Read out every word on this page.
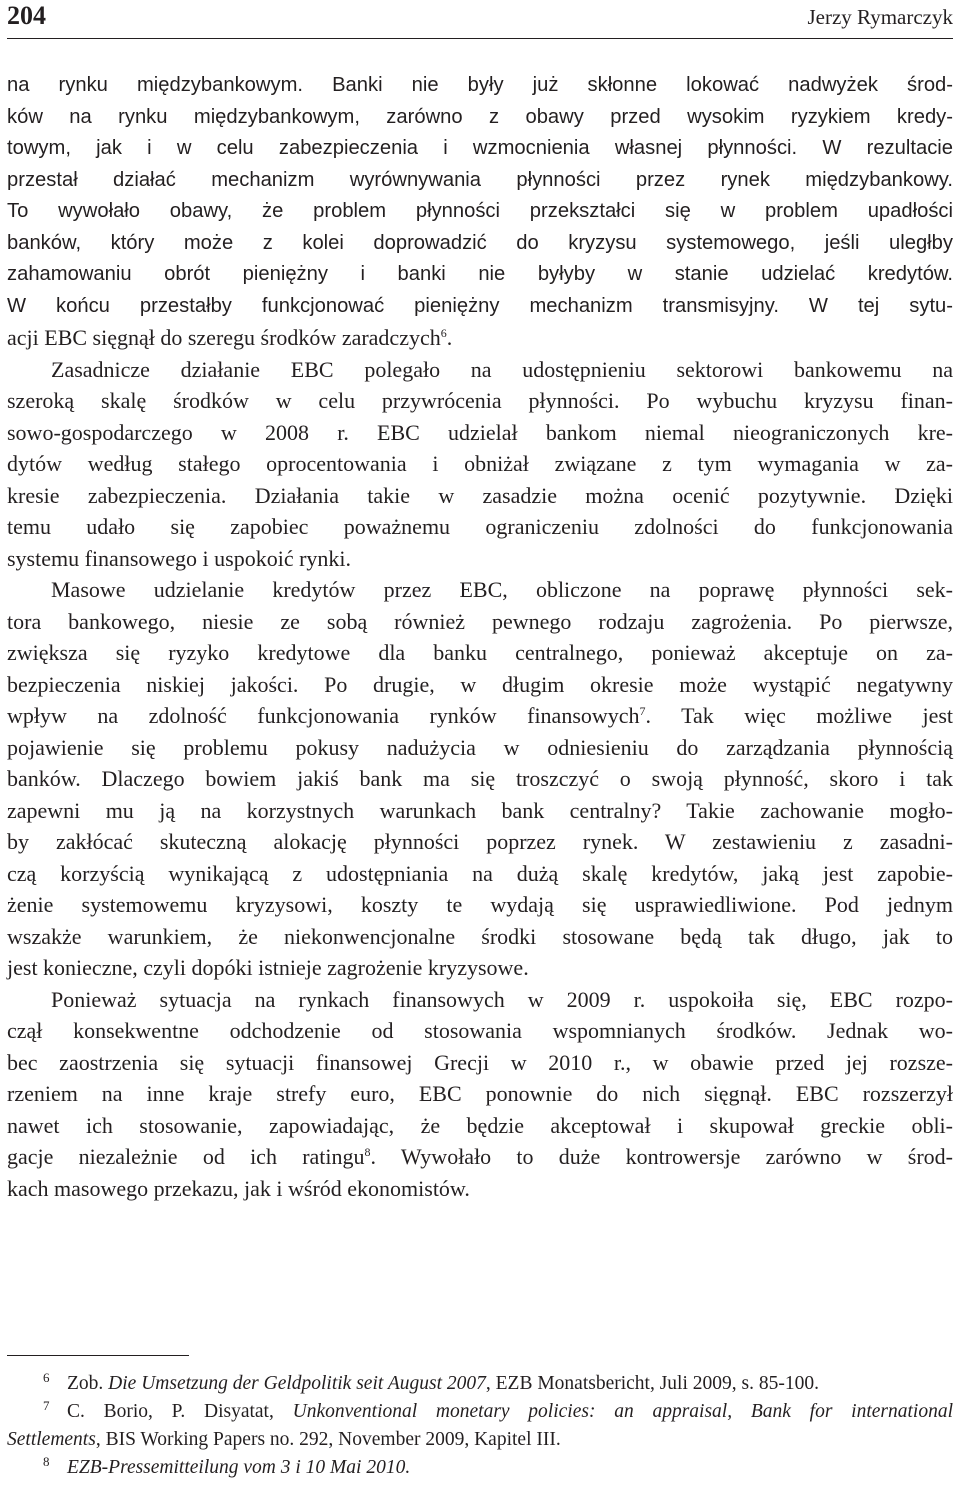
204	Jerzy Rymarczyk
na rynku międzybankowym. Banki nie były już skłonne lokować nadwyżek środ-
ków na rynku międzybankowym, zarówno z obawy przed wysokim ryzykiem kredy-
towym, jak i w celu zabezpieczenia i wzmocnienia własnej płynności. W rezultacie
przestał działać mechanizm wyrównywania płynności przez rynek międzybankowy.
To wywołało obawy, że problem płynności przekształci się w problem upadłości
banków, który może z kolei doprowadzić do kryzysu systemowego, jeśli uległby
zahamowaniu obrót pieniężny i banki nie byłyby w stanie udzielać kredytów.
W końcu przestałby funkcjonować pieniężny mechanizm transmisyjny. W tej sytu-
acji EBC sięgnął do szeregu środków zaradczych$^6$.
Zasadnicze działanie EBC polegało na udostępnieniu sektorowi bankowemu na
szeroką skalę środków w celu przywrócenia płynności. Po wybuchu kryzysu finan-
sowo-gospodarczego w 2008 r. EBC udzielał bankom niemal nieograniczonych kre-
dytów według stałego oprocentowania i obniżał związane z tym wymagania w za-
kresie zabezpieczenia. Działania takie w zasadzie można ocenić pozytywnie. Dzięki
temu udało się zapobiec poważnemu ograniczeniu zdolności do funkcjonowania
systemu finansowego i uspokoić rynki.
Masowe udzielanie kredytów przez EBC, obliczone na poprawę płynności sek-
tora bankowego, niesie ze sobą również pewnego rodzaju zagrożenia. Po pierwsze,
zwiększa się ryzyko kredytowe dla banku centralnego, ponieważ akceptuje on za-
bezpieczenia niskiej jakości. Po drugie, w długim okresie może wystąpić negatywny
wpływ na zdolność funkcjonowania rynków finansowych$^7$. Tak więc możliwe jest
pojawienie się problemu pokusy nadużycia w odniesieniu do zarządzania płynnością
banków. Dlaczego bowiem jakiś bank ma się troszczyć o swoją płynność, skoro i tak
zapewni mu ją na korzystnych warunkach bank centralny? Takie zachowanie mogło-
by zakłócać skuteczną alokację płynności poprzez rynek. W zestawieniu z zasadni-
czą korzyścią wynikającą z udostępniania na dużą skalę kredytów, jaką jest zapobie-
żenie systemowemu kryzysowi, koszty te wydają się usprawiedliwione. Pod jednym
wszakże warunkiem, że niekonwencjonalne środki stosowane będą tak długo, jak to
jest konieczne, czyli dopóki istnieje zagrożenie kryzysowe.
Ponieważ sytuacja na rynkach finansowych w 2009 r. uspokoiła się, EBC rozpo-
czął konsekwentne odchodzenie od stosowania wspomnianych środków. Jednak wo-
bec zaostrzenia się sytuacji finansowej Grecji w 2010 r., w obawie przed jej rozsze-
rzeniem na inne kraje strefy euro, EBC ponownie do nich sięgnął. EBC rozszerzył
nawet ich stosowanie, zapowiadając, że będzie akceptował i skupował greckie obli-
gacje niezależnie od ich ratingu$^8$. Wywołało to duże kontrowersje zarówno w środ-
kach masowego przekazu, jak i wśród ekonomistów.
6 Zob. Die Umsetzung der Geldpolitik seit August 2007, EZB Monatsbericht, Juli 2009, s. 85-100.
7 C. Borio, P. Disyatat, Unkonventional monetary policies: an appraisal, Bank for international
Settlements, BIS Working Papers no. 292, November 2009, Kapitel III.
8 EZB-Pressemitteilung vom 3 i 10 Mai 2010.
